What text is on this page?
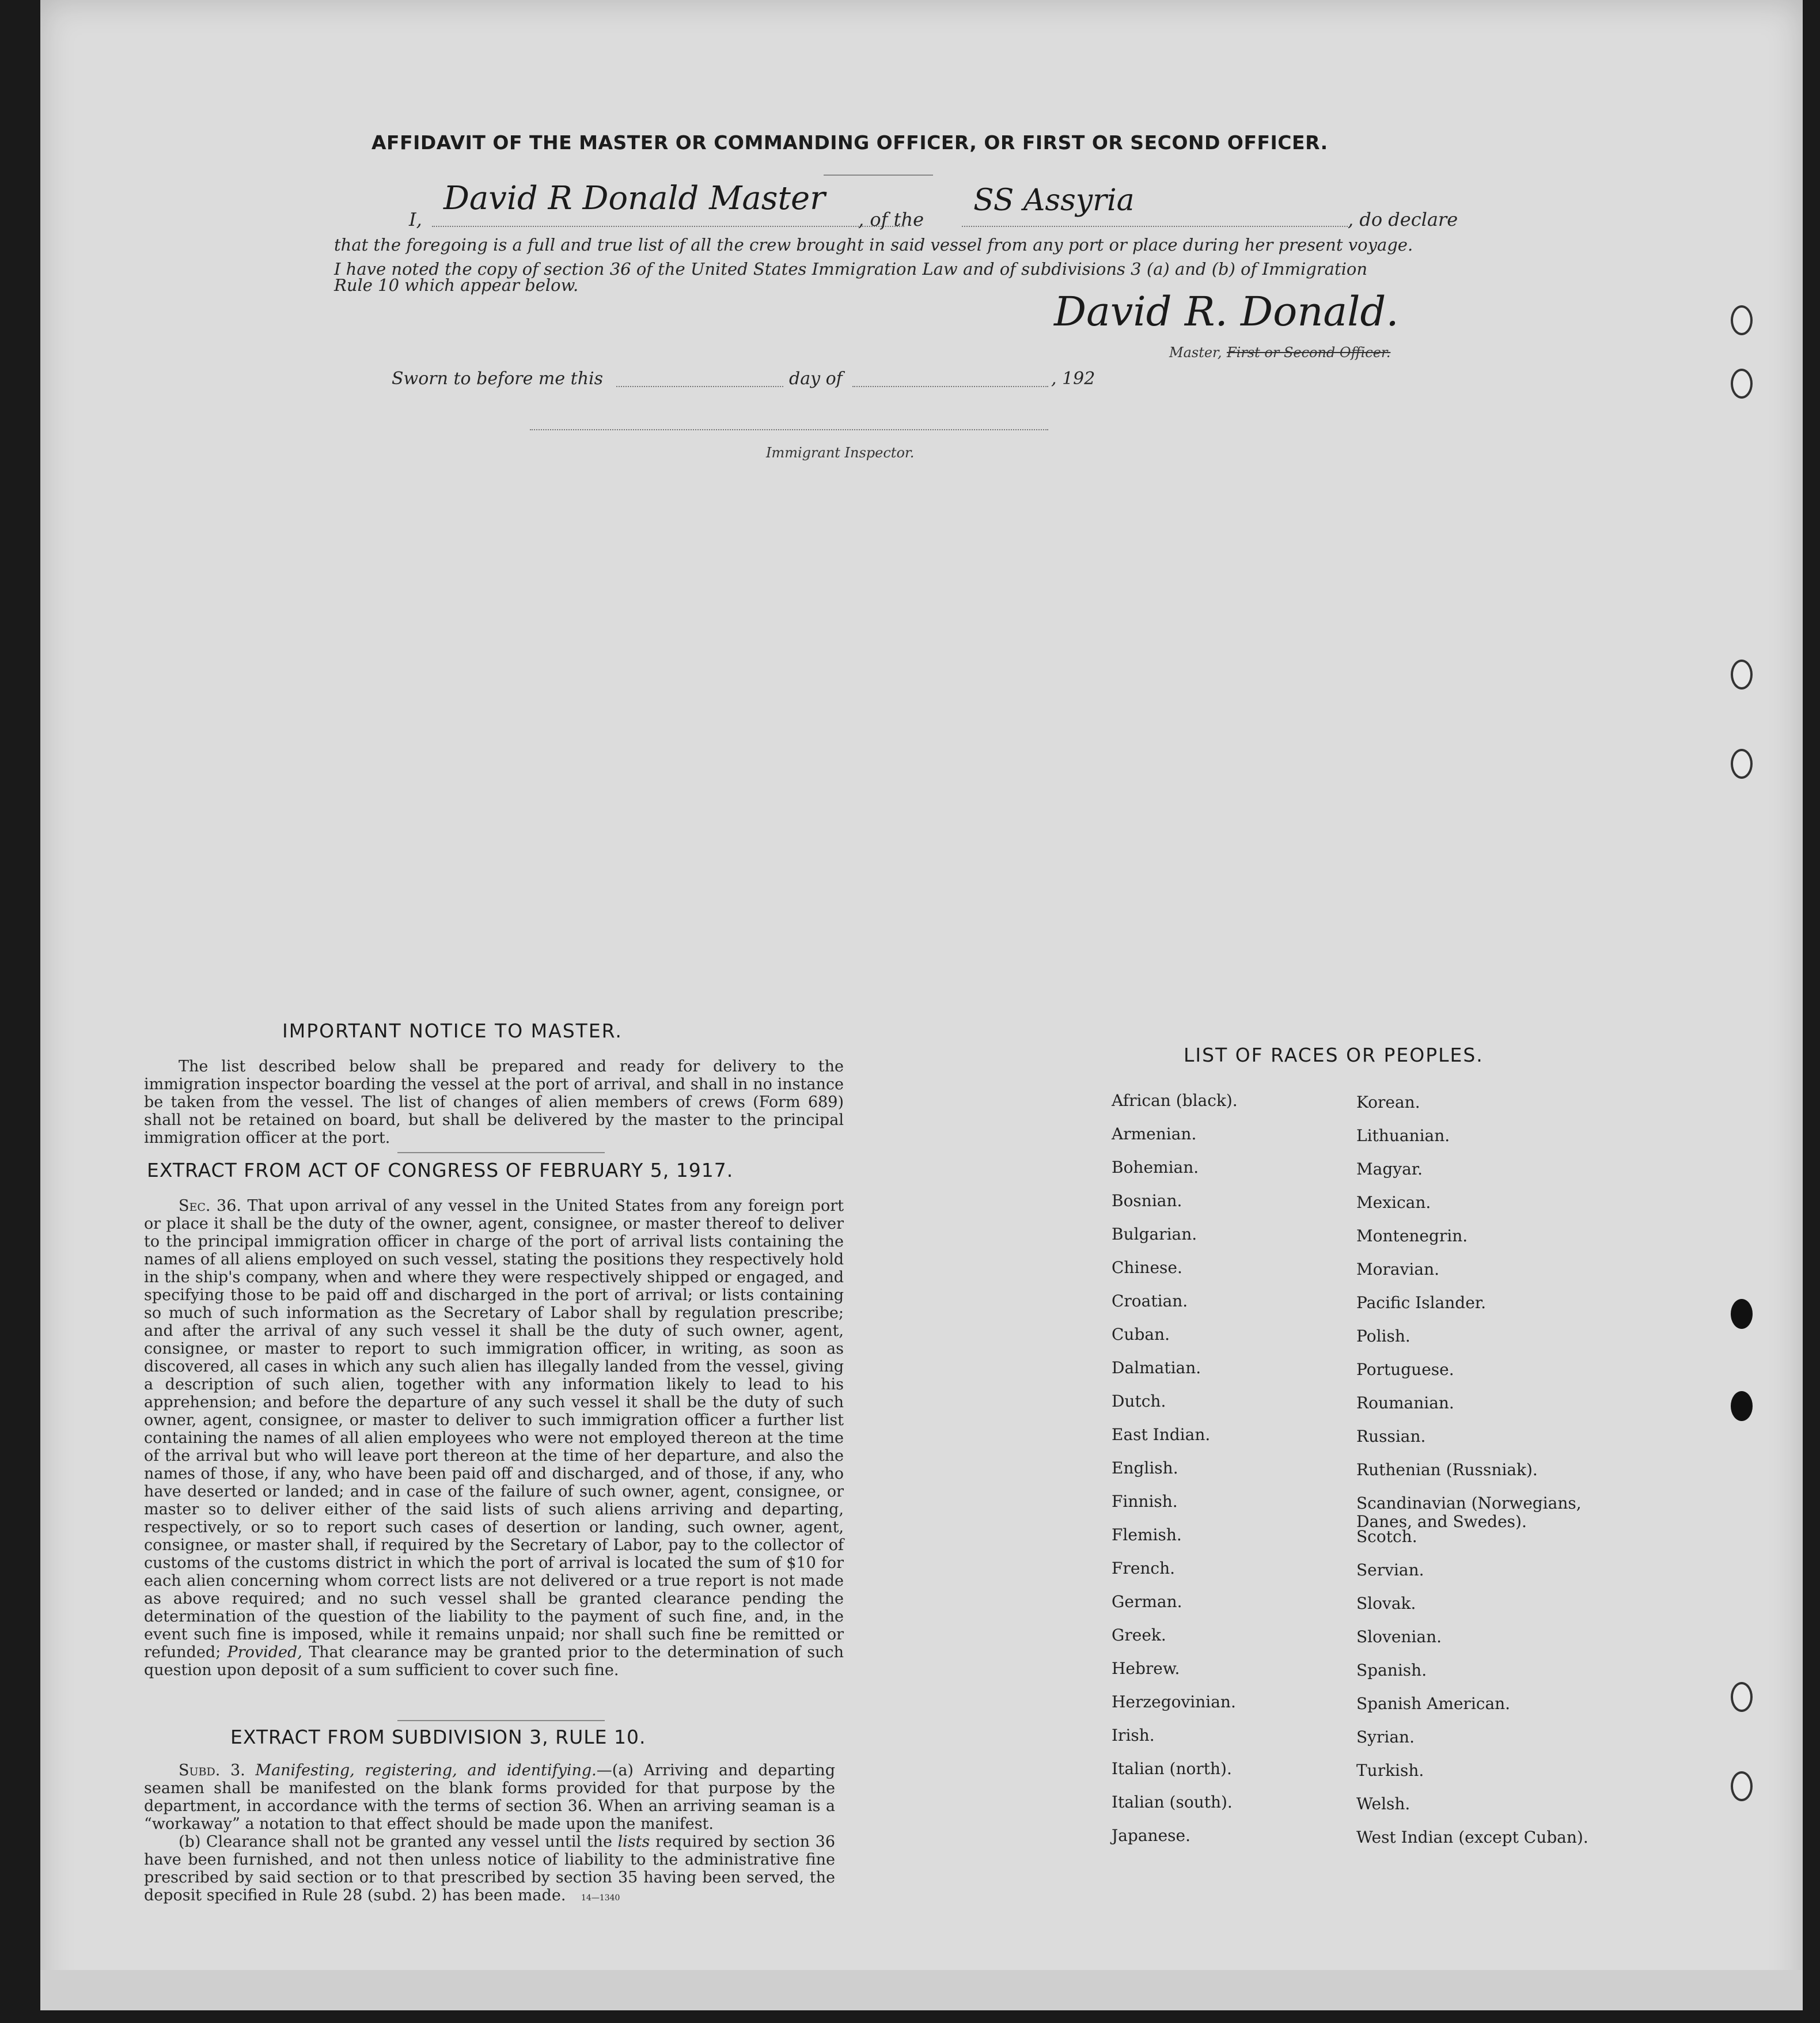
AFFIDAVIT OF THE MASTER OR COMMANDING OFFICER, OR FIRST OR SECOND OFFICER.
I,
David R Donald Master
, of the
SS Assyria
, do declare
that the foregoing is a full and true list of all the crew brought in said vessel from any port or place during her present voyage.
I have noted the copy of section 36 of the United States Immigration Law and of subdivisions 3 (a) and (b) of Immigration
Rule 10 which appear below.
David R. Donald.
Master, First or Second Officer.
Sworn to before me this	day of	, 192
Immigrant Inspector.
IMPORTANT NOTICE TO MASTER.

The list described below shall be prepared and ready for delivery to the immigration inspector boarding the vessel at the port of arrival, and shall in no instance be taken from the vessel. The list of changes of alien members of crews (Form 689) shall not be retained on board, but shall be delivered by the master to the principal immigration officer at the port.

EXTRACT FROM ACT OF CONGRESS OF FEBRUARY 5, 1917.

Sec. 36. That upon arrival of any vessel in the United States from any foreign port or place it shall be the duty of the owner, agent, consignee, or master thereof to deliver to the principal immigration officer in charge of the port of arrival lists containing the names of all aliens employed on such vessel, stating the positions they respectively hold in the ship's company, when and where they were respectively shipped or engaged, and specifying those to be paid off and discharged in the port of arrival; or lists containing so much of such information as the Secretary of Labor shall by regulation prescribe; and after the arrival of any such vessel it shall be the duty of such owner, agent, consignee, or master to report to such immigration officer, in writing, as soon as discovered, all cases in which any such alien has illegally landed from the vessel, giving a description of such alien, together with any information likely to lead to his apprehension; and before the departure of any such vessel it shall be the duty of such owner, agent, consignee, or master to deliver to such immigration officer a further list containing the names of all alien employees who were not employed thereon at the time of the arrival but who will leave port thereon at the time of her departure, and also the names of those, if any, who have been paid off and discharged, and of those, if any, who have deserted or landed; and in case of the failure of such owner, agent, consignee, or master so to deliver either of the said lists of such aliens arriving and departing, respectively, or so to report such cases of desertion or landing, such owner, agent, consignee, or master shall, if required by the Secretary of Labor, pay to the collector of customs of the customs district in which the port of arrival is located the sum of $10 for each alien concerning whom correct lists are not delivered or a true report is not made as above required; and no such vessel shall be granted clearance pending the determination of the question of the liability to the payment of such fine, and, in the event such fine is imposed, while it remains unpaid; nor shall such fine be remitted or refunded; Provided, That clearance may be granted prior to the determination of such question upon deposit of a sum sufficient to cover such fine.

EXTRACT FROM SUBDIVISION 3, RULE 10.

Subd. 3. Manifesting, registering, and identifying.—(a) Arriving and departing seamen shall be manifested on the blank forms provided for that purpose by the department, in accordance with the terms of section 36. When an arriving seaman is a “workaway” a notation to that effect should be made upon the manifest.

(b) Clearance shall not be granted any vessel until the lists required by section 36 have been furnished, and not then unless notice of liability to the administrative fine prescribed by said section or to that prescribed by section 35 having been served, the deposit specified in Rule 28 (subd. 2) has been made. 14—1340

LIST OF RACES OR PEOPLES.
African (black).
Armenian.
Bohemian.
Bosnian.
Bulgarian.
Chinese.
Croatian.
Cuban.
Dalmatian.
Dutch.
East Indian.
English.
Finnish.
Flemish.
French.
German.
Greek.
Hebrew.
Herzegovinian.
Irish.
Italian (north).
Italian (south).
Japanese.
Korean.
Lithuanian.
Magyar.
Mexican.
Montenegrin.
Moravian.
Pacific Islander.
Polish.
Portuguese.
Roumanian.
Russian.
Ruthenian (Russniak).
Scandinavian (Norwegians, Danes, and Swedes).
Scotch.
Servian.
Slovak.
Slovenian.
Spanish.
Spanish American.
Syrian.
Turkish.
Welsh.
West Indian (except Cuban).
